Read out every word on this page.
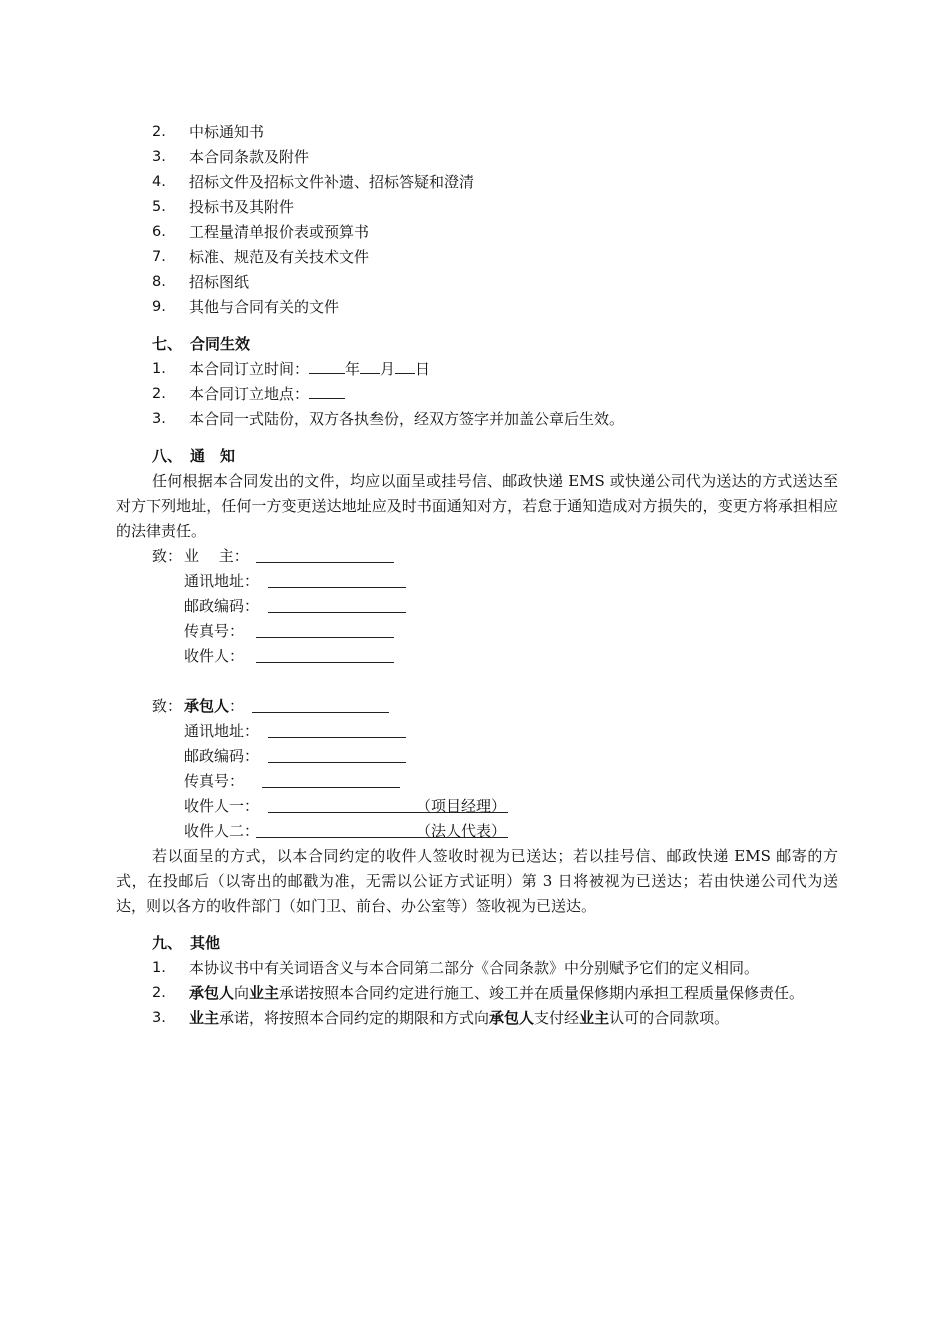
2. 中标通知书
3. 本合同条款及附件
4. 招标文件及招标文件补遗、招标答疑和澄清
5. 投标书及其附件
6. 工程量清单报价表或预算书
7. 标准、规范及有关技术文件
8. 招标图纸
9. 其他与合同有关的文件
七、 合同生效
1. 本合同订立时间： 年 月 日
2. 本合同订立地点：
3. 本合同一式陆份，双方各执叁份，经双方签字并加盖公章后生效。
八、 通　知
任何根据本合同发出的文件，均应以面呈或挂号信、邮政快递 EMS 或快递公司代为送达的方式送达至对方下列地址，任何一方变更送达地址应及时书面通知对方，若怠于通知造成对方损失的，变更方将承担相应的法律责任。
致： 业　 主：
通讯地址：
邮政编码：
传真号：
收件人：
致： 承包人：
通讯地址：
邮政编码：
传真号：
收件人一：	（项目经理）
收件人二：	（法人代表）
若以面呈的方式，以本合同约定的收件人签收时视为已送达；若以挂号信、邮政快递 EMS 邮寄的方式，在投邮后（以寄出的邮戳为准，无需以公证方式证明）第 3 日将被视为已送达；若由快递公司代为送达，则以各方的收件部门（如门卫、前台、办公室等）签收视为已送达。
九、 其他
1. 本协议书中有关词语含义与本合同第二部分《合同条款》中分别赋予它们的定义相同。
2. 承包人向业主承诺按照本合同约定进行施工、竣工并在质量保修期内承担工程质量保修责任。
3. 业主承诺，将按照本合同约定的期限和方式向承包人支付经业主认可的合同款项。
